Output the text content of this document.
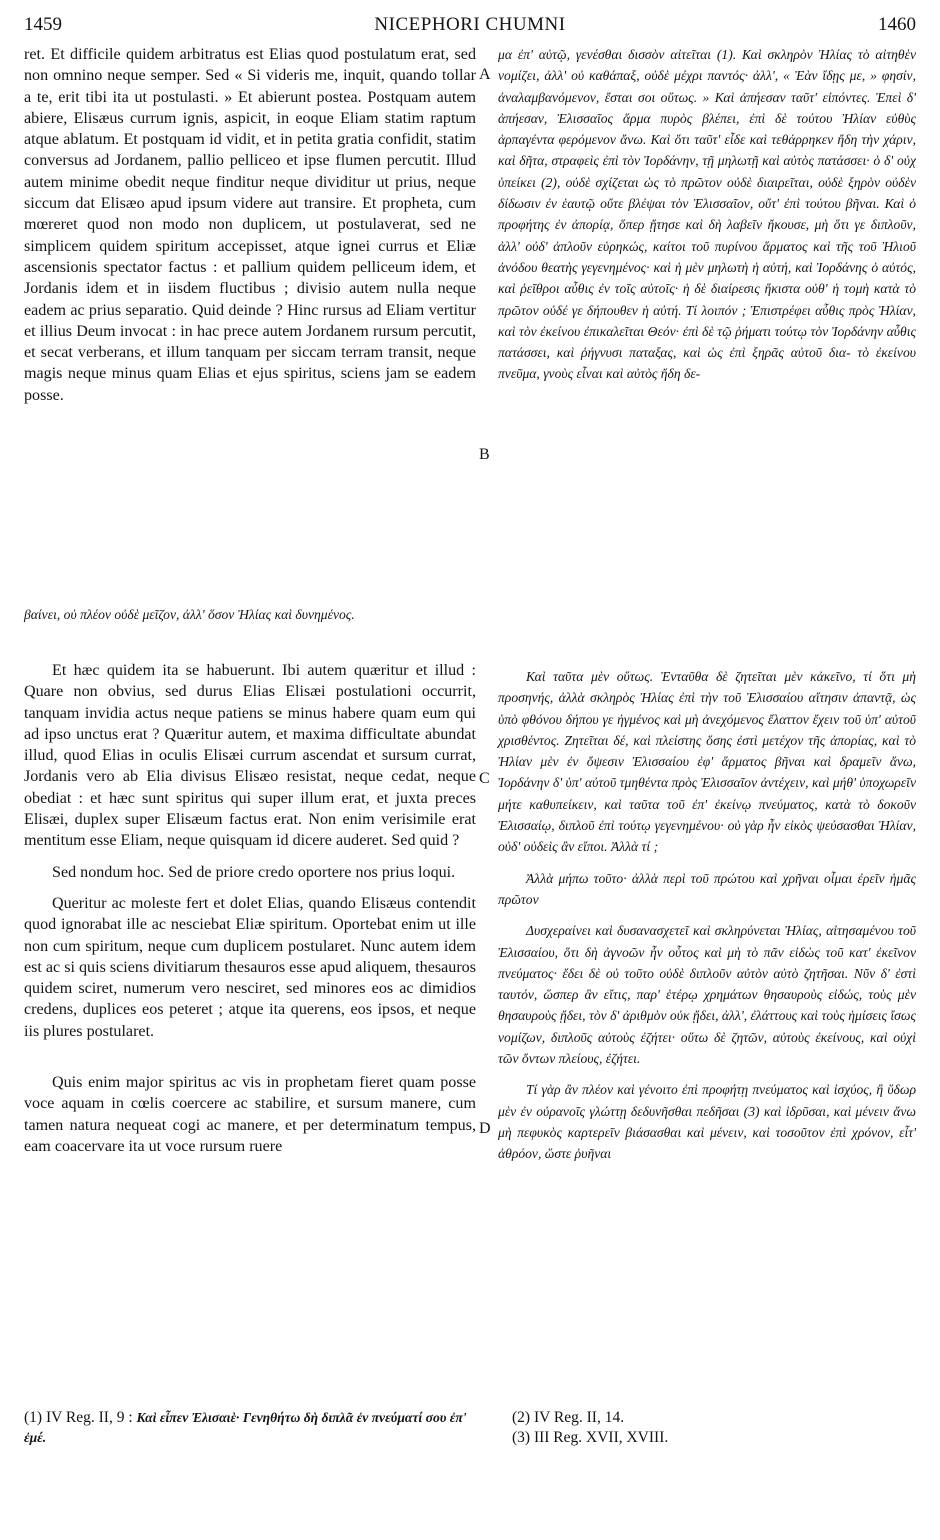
1459	NICEPHORI CHUMNI	1460

ret. Et difficile quidem arbitratus est Elias quod postulatum erat, sed non omnino neque semper. Sed « Si videris me, inquit, quando tollar a te, erit tibi ita ut postulasti. » Et abierunt postea. Postquam autem abiere, Elisæus currum ignis, aspicit, in eoque Eliam statim raptum atque ablatum. Et postquam id vidit, et in petita gratia confidit, statim conversus ad Jordanem, pallio pelliceo et ipse flumen percutit. Illud autem minime obedit neque finditur neque dividitur ut prius, neque siccum dat Elisæo apud ipsum videre aut transire. Et propheta, cum mœreret quod non modo non duplicem, ut postulaverat, sed ne simplicem quidem spiritum accepisset, atque ignei currus et Eliæ ascensionis spectator factus : et pallium quidem pelliceum idem, et Jordanis idem et in iisdem fluctibus ; divisio autem nulla neque eadem ac prius separatio. Quid deinde ? Hinc rursus ad Eliam vertitur et illius Deum invocat : in hac prece autem Jordanem rursum percutit, et secat verberans, et illum tanquam per siccam terram transit, neque magis neque minus quam Elias et ejus spiritus, sciens jam se eadem posse.

μα ἐπ' αὐτῷ, γενέσθαι δισσὸν αἰτεῖται (1). Καὶ σκληρὸν Ἠλίας τὸ αἰτηθὲν νομίζει, ἀλλ' οὐ καθάπαξ, οὐδὲ μέχρι παντός· ἀλλ', « Ἐὰν ἴδῃς με, » φησίν, ἀναλαμβανόμενον, ἔσται σοι οὕτως. » Καὶ ἀπήεσαν ταῦτ' εἰπόντες. Ἐπεὶ δ' ἀπήεσαν, Ἐλισσαῖος ἅρμα πυρὸς βλέπει, ἐπὶ δὲ τούτου Ἠλίαν εὐθὺς ἁρπαγέντα φερόμενον ἄνω. Καὶ ὅτι ταῦτ' εἶδε καὶ τεθάρρηκεν ἤδη τὴν χάριν, καὶ δῆτα, στραφεὶς ἐπὶ τὸν Ἰορδάνην, τῇ μηλωτῇ καὶ αὐτὸς πατάσσει· ὁ δ' οὐχ ὑπείκει (2), οὐδὲ σχίζεται ὡς τὸ πρῶτον οὐδὲ διαιρεῖται, οὐδὲ ξηρὸν οὐδὲν δίδωσιν ἐν ἑαυτῷ οὔτε βλέψαι τὸν Ἐλισσαῖον, οὔτ' ἐπὶ τούτου βῆναι. Καὶ ὁ προφήτης ἐν ἀπορίᾳ, ὅπερ ᾔτησε καὶ δὴ λαβεῖν ἤκουσε, μὴ ὅτι γε διπλοῦν, ἀλλ' οὐδ' ἁπλοῦν εὑρηκώς, καίτοι τοῦ πυρίνου ἅρματος καὶ τῆς τοῦ Ἠλιοῦ ἀνόδου θεατὴς γεγενημένος· καὶ ἡ μὲν μηλωτὴ ἡ αὐτή, καὶ Ἰορδάνης ὁ αὐτός, καὶ ῥεῖθροι αὖθις ἐν τοῖς αὐτοῖς· ἡ δὲ διαίρεσις ἥκιστα οὐθ' ἡ τομὴ κατὰ τὸ πρῶτον οὐδέ γε δήπουθεν ἡ αὐτή. Τί λοιπόν ; Ἐπιστρέφει αὖθις πρὸς Ἠλίαν, καὶ τὸν ἐκείνου ἐπικαλεῖται Θεόν· ἐπὶ δὲ τῷ ῥήματι τούτῳ τὸν Ἰορδάνην αὖθις πατάσσει, καὶ ῥήγνυσι παταξας, καὶ ὡς ἐπὶ ξηρᾶς αὐτοῦ δια- τὸ ἐκείνου πνεῦμα, γνοὺς εἶναι καὶ αὐτὸς ἤδη δε-

βαίνει, οὐ πλέον οὐδὲ μεῖζον, ἀλλ' ὅσον Ἠλίας καὶ δυνημένος.
A
B
C
D

Et hæc quidem ita se habuerunt. Ibi autem quæritur et illud : Quare non obvius, sed durus Elias Elisæi postulationi occurrit, tanquam invidia actus neque patiens se minus habere quam eum qui ad ipso unctus erat ? Quæritur autem, et maxima difficultate abundat illud, quod Elias in oculis Elisæi currum ascendat et sursum currat, Jordanis vero ab Elia divisus Elisæo resistat, neque cedat, neque obediat : et hæc sunt spiritus qui super illum erat, et juxta preces Elisæi, duplex super Elisæum factus erat. Non enim verisimile erat mentitum esse Eliam, neque quisquam id dicere auderet. Sed quid ?

Sed nondum hoc. Sed de priore credo oportere nos prius loqui.

Queritur ac moleste fert et dolet Elias, quando Elisæus contendit quod ignorabat ille ac nesciebat Eliæ spiritum. Oportebat enim ut ille non cum spiritum, neque cum duplicem postularet. Nunc autem idem est ac si quis sciens divitiarum thesauros esse apud aliquem, thesauros quidem sciret, numerum vero nesciret, sed minores eos ac dimidios credens, duplices eos peteret ; atque ita querens, eos ipsos, et neque iis plures postularet.

Quis enim major spiritus ac vis in prophetam fieret quam posse voce aquam in cœlis coercere ac stabilire, et sursum manere, cum tamen natura nequeat cogi ac manere, et per determinatum tempus, eam coacervare ita ut voce rursum ruere

Καὶ ταῦτα μὲν οὕτως. Ἐνταῦθα δὲ ζητεῖται μὲν κἀκεῖνο, τί ὅτι μὴ προσηνής, ἀλλὰ σκληρὸς Ἠλίας ἐπὶ τὴν τοῦ Ἐλισσαίου αἴτησιν ἀπαντᾷ, ὡς ὑπὸ φθόνου δήπου γε ἠγμένος καὶ μὴ ἀνεχόμενος ἔλαττον ἔχειν τοῦ ὑπ' αὐτοῦ χρισθέντος. Ζητεῖται δέ, καὶ πλείστης ὅσης ἐστὶ μετέχον τῆς ἀπορίας, καὶ τὸ Ἠλίαν μὲν ἐν ὄψεσιν Ἐλισσαίου ἐφ' ἅρματος βῆναι καὶ δραμεῖν ἄνω, Ἰορδάνην δ' ὑπ' αὐτοῦ τμηθέντα πρὸς Ἐλισσαῖον ἀντέχειν, καὶ μήθ' ὑποχωρεῖν μήτε καθυπείκειν, καὶ ταῦτα τοῦ ἐπ' ἐκείνῳ πνεύματος, κατὰ τὸ δοκοῦν Ἐλισσαίῳ, διπλοῦ ἐπὶ τούτῳ γεγενημένου· οὐ γὰρ ἦν εἰκὸς ψεύσασθαι Ἠλίαν, οὐδ' οὐδεὶς ἂν εἴποι. Ἀλλὰ τί ;

Ἀλλὰ μήπω τοῦτο· ἀλλὰ περὶ τοῦ πρώτου καὶ χρῆναι οἶμαι ἐρεῖν ἡμᾶς πρῶτον

Δυσχεραίνει καὶ δυσανασχετεῖ καὶ σκληρύνεται Ἠλίας, αἰτησαμένου τοῦ Ἐλισσαίου, ὅτι δὴ ἀγνοῶν ἦν οὗτος καὶ μὴ τὸ πᾶν εἰδὼς τοῦ κατ' ἐκεῖνον πνεύματος· ἔδει δὲ οὐ τοῦτο οὐδὲ διπλοῦν αὐτὸν αὐτὸ ζητῆσαι. Νῦν δ' ἐστὶ ταυτόν, ὥσπερ ἂν εἴτις, παρ' ἑτέρῳ χρημάτων θησαυροὺς εἰδώς, τοὺς μὲν θησαυροὺς ᾔδει, τὸν δ' ἀριθμὸν οὐκ ᾔδει, ἀλλ', ἐλάττους καὶ τοὺς ἡμίσεις ἴσως νομίζων, διπλοῦς αὐτοὺς ἐζήτει· οὕτω δὲ ζητῶν, αὐτοὺς ἐκείνους, καὶ οὐχὶ τῶν ὄντων πλείους, ἐζήτει.

Τί γὰρ ἂν πλέον καὶ γένοιτο ἐπὶ προφήτῃ πνεύματος καὶ ἰσχύος, ἢ ὕδωρ μὲν ἐν οὐρανοῖς γλώττῃ δεδυνῆσθαι πεδῆσαι (3) καὶ ἱδρῦσαι, καὶ μένειν ἄνω μὴ πεφυκὸς καρτερεῖν βιάσασθαι καὶ μένειν, καὶ τοσοῦτον ἐπὶ χρόνον, εἶτ' ἀθρόον, ὥστε ῥυῆναι

(1) IV Reg. II, 9 : Καὶ εἶπεν Ἐλισαιὲ· Γενηθήτω δὴ διπλᾶ ἐν πνεύματί σου ἐπ' ἐμέ.
(2) IV Reg. II, 14.
(3) III Reg. XVII, XVIII.
